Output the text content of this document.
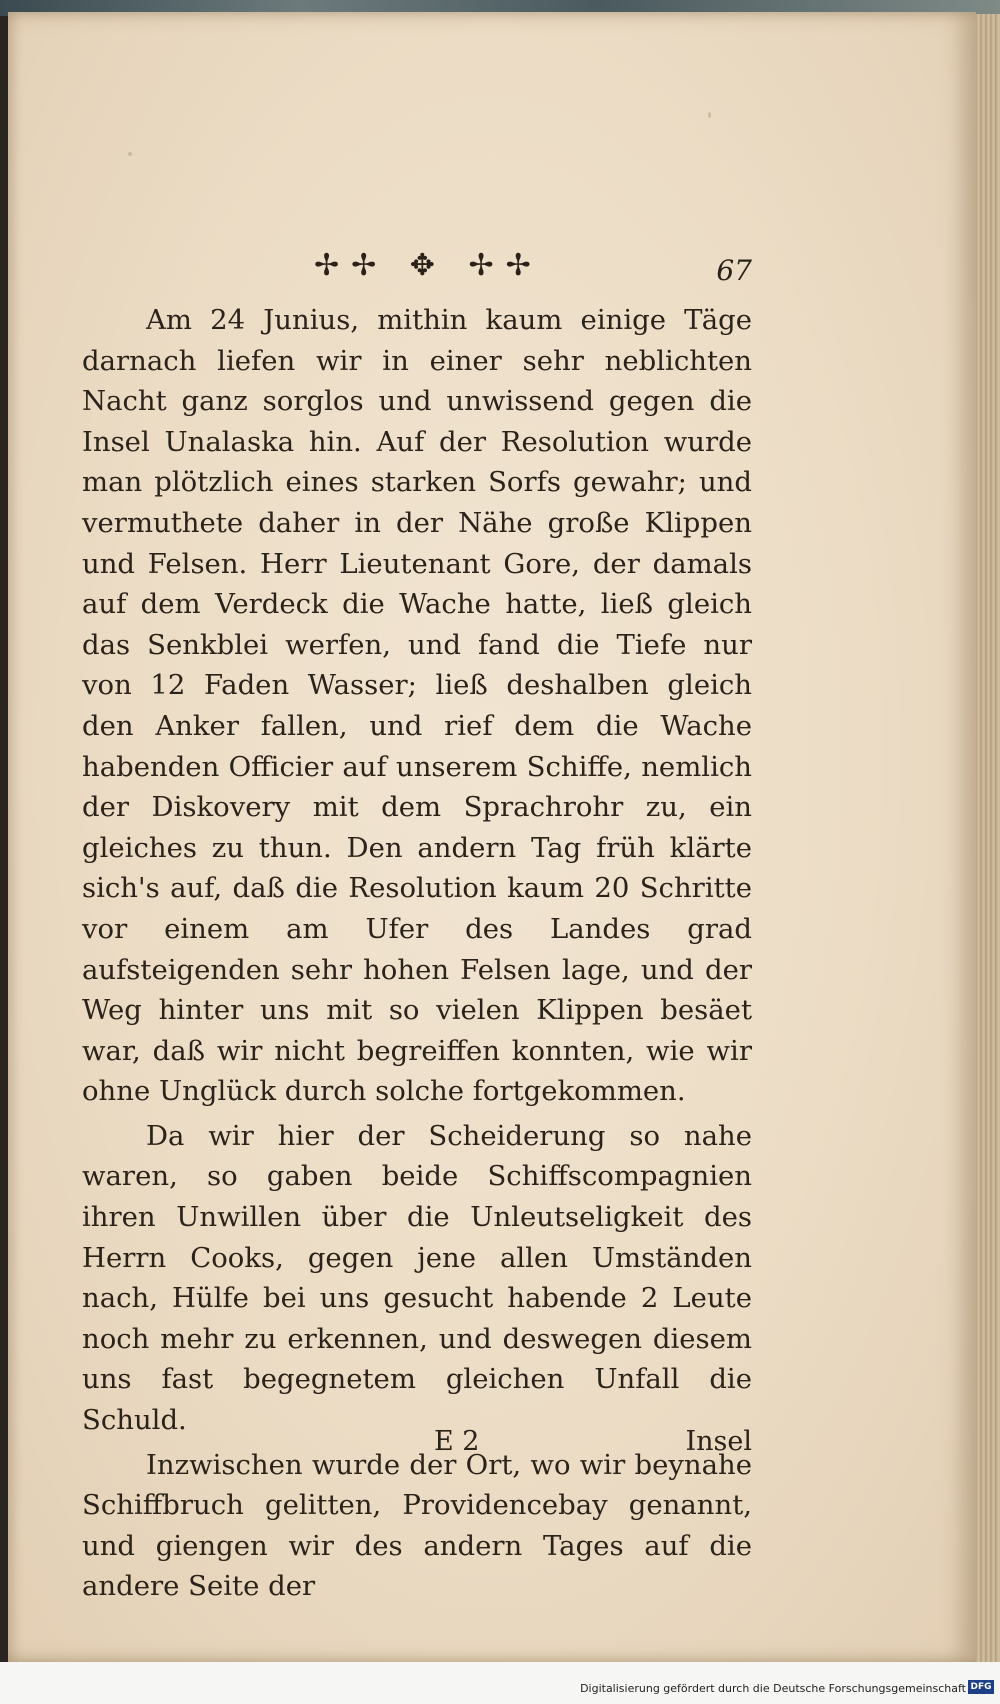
✢✢ ✥ ✢✢	67

Am 24 Junius, mithin kaum einige Täge darnach liefen wir in einer sehr neblichten Nacht ganz sorglos und unwissend gegen die Insel Unalaska hin. Auf der Resolution wurde man plötzlich eines starken Sorfs gewahr; und vermuthete daher in der Nähe große Klippen und Felsen. Herr Lieutenant Gore, der damals auf dem Verdeck die Wache hatte, ließ gleich das Senkblei werfen, und fand die Tiefe nur von 12 Faden Wasser; ließ deshalben gleich den Anker fallen, und rief dem die Wache habenden Officier auf unserem Schiffe, nemlich der Diskovery mit dem Sprachrohr zu, ein gleiches zu thun. Den andern Tag früh klärte sich's auf, daß die Resolution kaum 20 Schritte vor einem am Ufer des Landes grad aufsteigenden sehr hohen Felsen lage, und der Weg hinter uns mit so vielen Klippen besäet war, daß wir nicht begreiffen konnten, wie wir ohne Unglück durch solche fortgekommen.

Da wir hier der Scheiderung so nahe waren, so gaben beide Schiffscompagnien ihren Unwillen über die Unleutseligkeit des Herrn Cooks, gegen jene allen Umständen nach, Hülfe bei uns gesucht habende 2 Leute noch mehr zu erkennen, und deswegen diesem uns fast begegnetem gleichen Unfall die Schuld.

Inzwischen wurde der Ort, wo wir beynahe Schiffbruch gelitten, Providencebay genannt, und giengen wir des andern Tages auf die andere Seite der

E 2	Insel
Digitalisierung gefördert durch die Deutsche Forschungsgemeinschaft DFG
